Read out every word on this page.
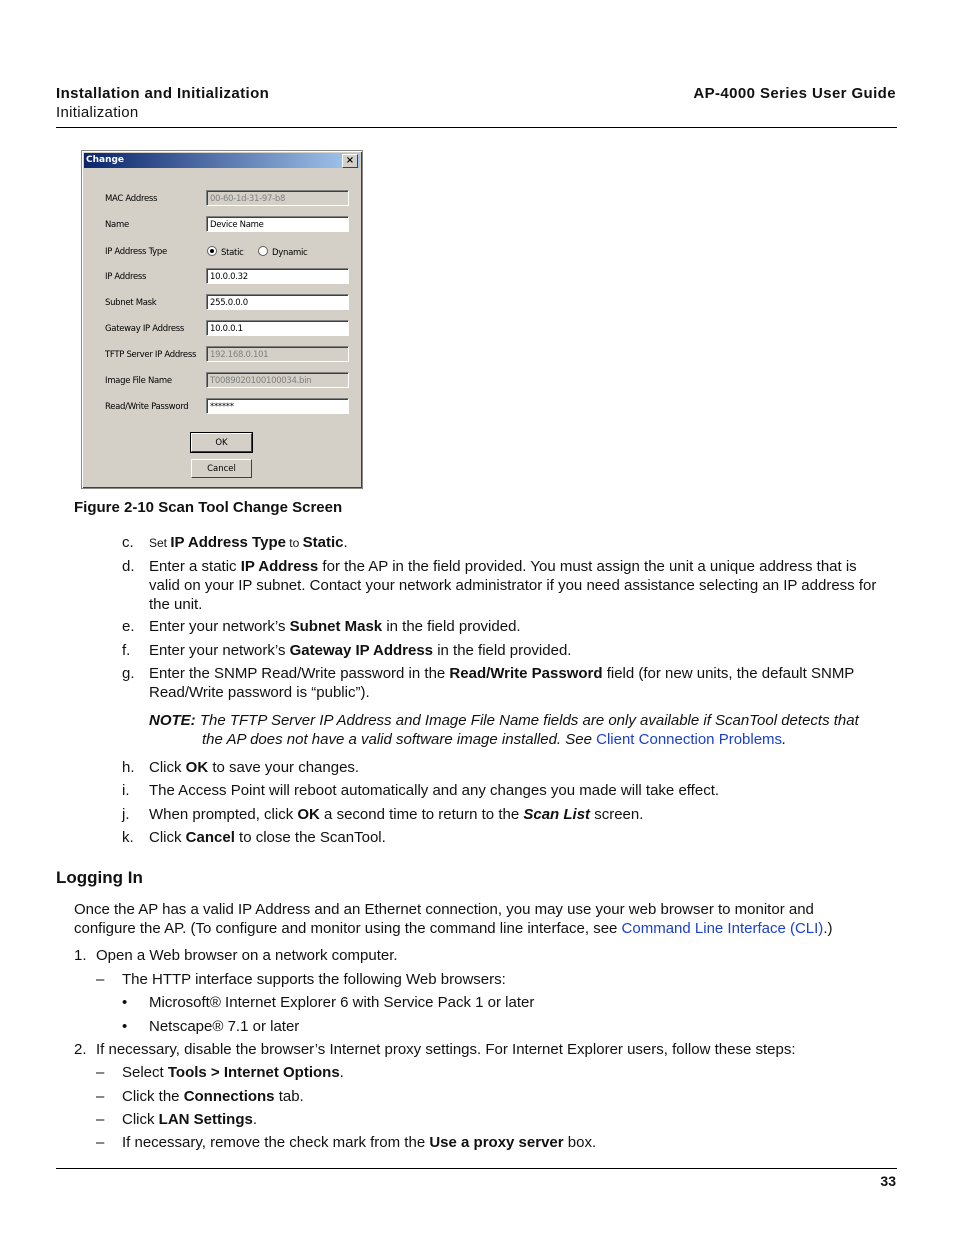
Installation and Initialization
Initialization
AP-4000 Series User Guide
Change	×
MAC Address	00-60-1d-31-97-b8
Name	Device Name
IP Address Type	Static	Dynamic
IP Address	10.0.0.32
Subnet Mask	255.0.0.0
Gateway IP Address	10.0.0.1
TFTP Server IP Address	192.168.0.101
Image File Name	T0089020100100034.bin
Read/Write Password	******
OK
Cancel
Figure 2-10 Scan Tool Change Screen
c. Set IP Address Type to Static.
d. Enter a static IP Address for the AP in the field provided. You must assign the unit a unique address that is
valid on your IP subnet. Contact your network administrator if you need assistance selecting an IP address for
the unit.
e. Enter your network’s Subnet Mask in the field provided.
f. Enter your network’s Gateway IP Address in the field provided.
g. Enter the SNMP Read/Write password in the Read/Write Password field (for new units, the default SNMP
Read/Write password is “public”).
NOTE: The TFTP Server IP Address and Image File Name fields are only available if ScanTool detects that
the AP does not have a valid software image installed. See Client Connection Problems.
h. Click OK to save your changes.
i. The Access Point will reboot automatically and any changes you made will take effect.
j. When prompted, click OK a second time to return to the Scan List screen.
k. Click Cancel to close the ScanTool.
Logging In
Once the AP has a valid IP Address and an Ethernet connection, you may use your web browser to monitor and
configure the AP. (To configure and monitor using the command line interface, see Command Line Interface (CLI).)
1. Open a Web browser on a network computer.
– The HTTP interface supports the following Web browsers:
• Microsoft® Internet Explorer 6 with Service Pack 1 or later
• Netscape® 7.1 or later
2. If necessary, disable the browser’s Internet proxy settings. For Internet Explorer users, follow these steps:
– Select Tools > Internet Options.
– Click the Connections tab.
– Click LAN Settings.
– If necessary, remove the check mark from the Use a proxy server box.
33
